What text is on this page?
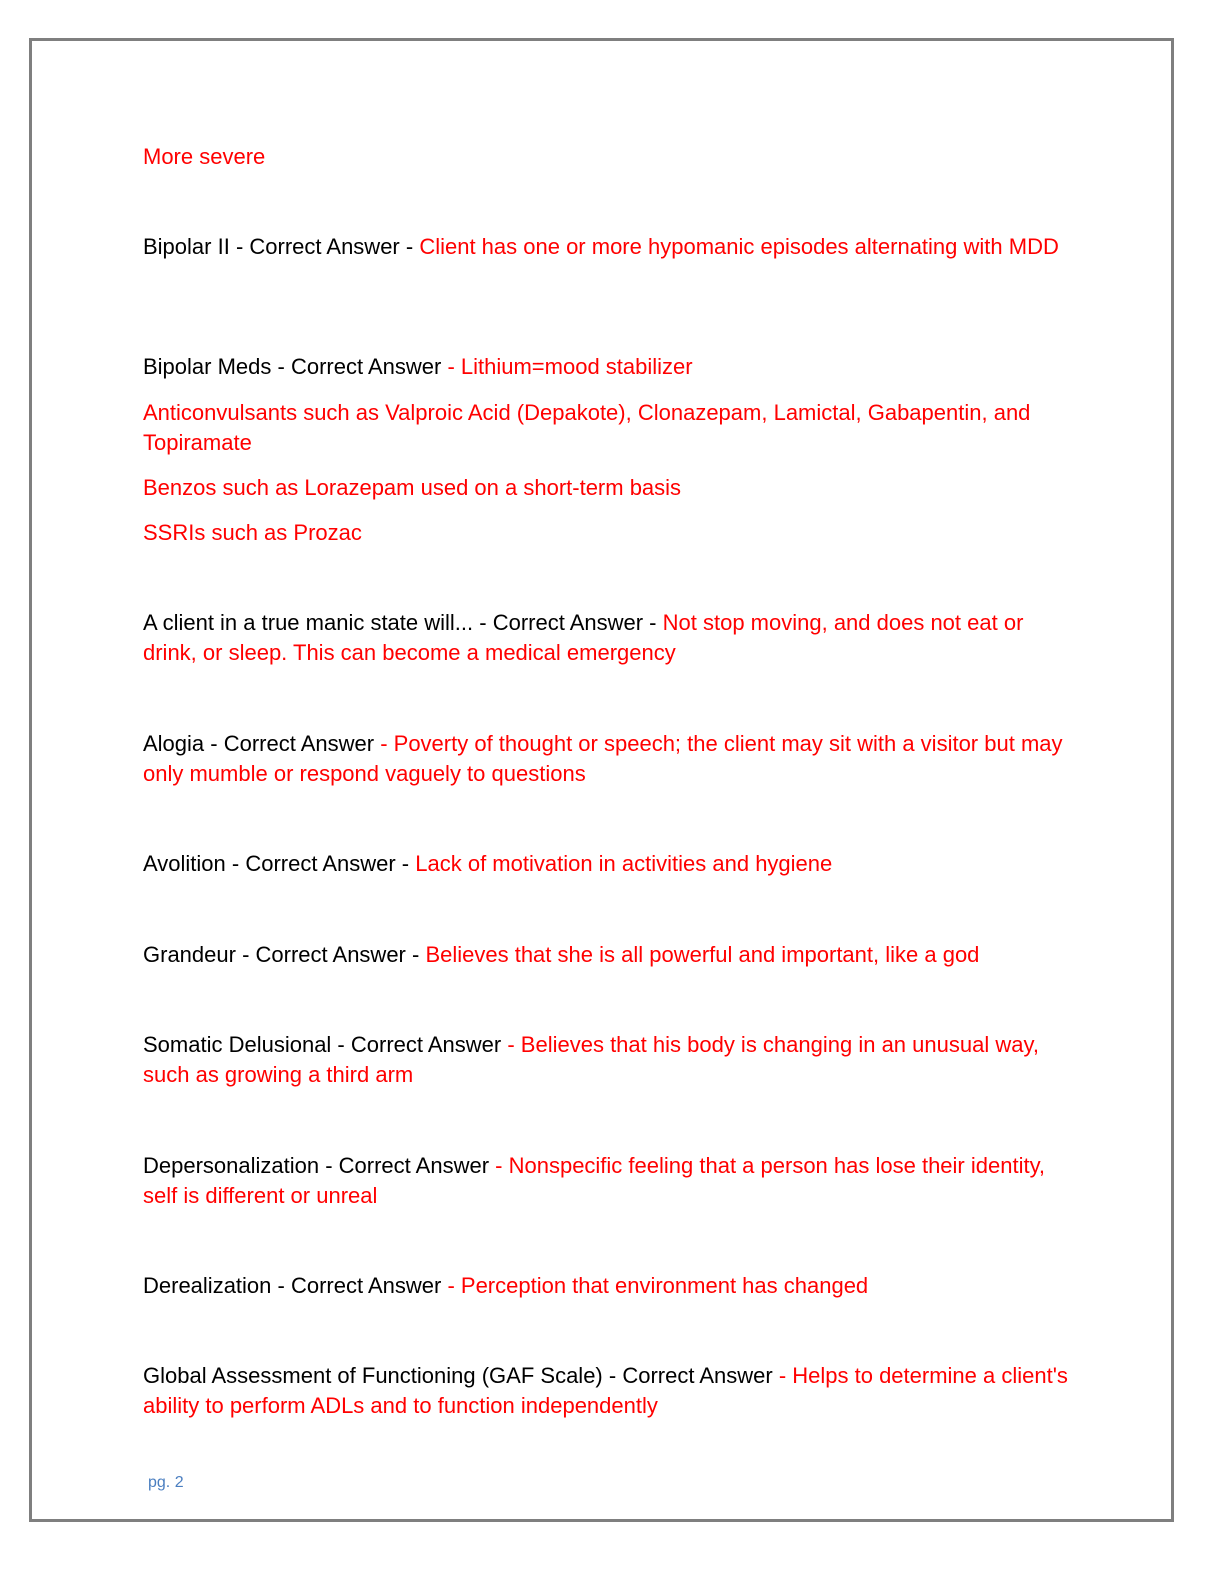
More severe

Bipolar II - Correct Answer - Client has one or more hypomanic episodes alternating with MDD

Bipolar Meds - Correct Answer - Lithium=mood stabilizer

Anticonvulsants such as Valproic Acid (Depakote), Clonazepam, Lamictal, Gabapentin, and Topiramate

Benzos such as Lorazepam used on a short-term basis

SSRIs such as Prozac

A client in a true manic state will... - Correct Answer - Not stop moving, and does not eat or drink, or sleep. This can become a medical emergency

Alogia - Correct Answer - Poverty of thought or speech; the client may sit with a visitor but may only mumble or respond vaguely to questions

Avolition - Correct Answer - Lack of motivation in activities and hygiene

Grandeur - Correct Answer - Believes that she is all powerful and important, like a god

Somatic Delusional - Correct Answer - Believes that his body is changing in an unusual way, such as growing a third arm

Depersonalization - Correct Answer - Nonspecific feeling that a person has lose their identity, self is different or unreal

Derealization - Correct Answer - Perception that environment has changed

Global Assessment of Functioning (GAF Scale) - Correct Answer - Helps to determine a client's ability to perform ADLs and to function independently

pg. 2
